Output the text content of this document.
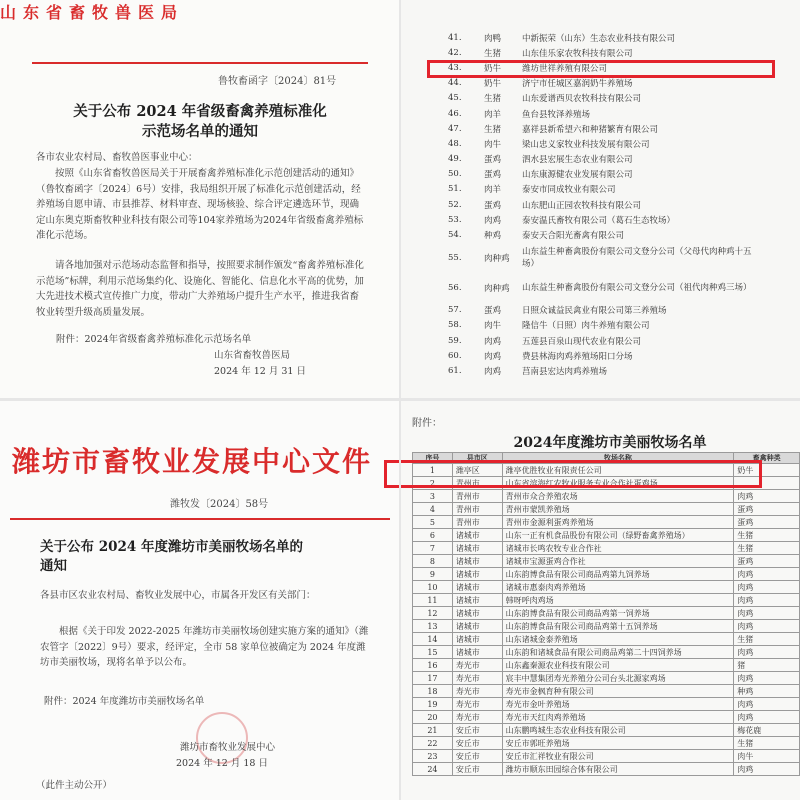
山东省畜牧兽医局
鲁牧畜函字〔2024〕81号
关于公布 2024 年省级畜禽养殖标准化
示范场名单的通知
各市农业农村局、畜牧兽医事业中心：
按照《山东省畜牧兽医局关于开展畜禽养殖标准化示范创建活动的通知》（鲁牧畜函字〔2024〕6号）安排，我局组织开展了标准化示范创建活动，经养殖场自愿申请、市县推荐、材料审查、现场核验、综合评定遴选环节，现确定山东奥克斯畜牧种业科技有限公司等104家养殖场为2024年省级畜禽养殖标准化示范场。
请各地加强对示范场动态监督和指导，按照要求制作颁发“畜禽养殖标准化示范场”标牌，利用示范场集约化、设施化、智能化、信息化水平高的优势，加大先进技术模式宣传推广力度，带动广大养殖场户提升生产水平，推进我省畜牧业转型升级高质量发展。
附件：2024年省级畜禽养殖标准化示范场名单
山东省畜牧兽医局
2024 年 12 月 31 日
41.	肉鸭	中新振荣（山东）生态农业科技有限公司
42.	生猪	山东佳乐家农牧科技有限公司
43.	奶牛	潍坊世祥养殖有限公司
44.	奶牛	济宁市任城区嘉润奶牛养殖场
45.	生猪	山东爱谱西贝农牧科技有限公司
46.	肉羊	鱼台县牧泽养殖场
47.	生猪	嘉祥县新希望六和种猪繁育有限公司
48.	肉牛	梁山忠义家牧业科技发展有限公司
49.	蛋鸡	泗水县宏展生态农业有限公司
50.	蛋鸡	山东康源健农业发展有限公司
51.	肉羊	泰安市同成牧业有限公司
52.	蛋鸡	山东肥山正园农牧科技有限公司
53.	肉鸡	泰安温氏畜牧有限公司（葛石生态牧场）
54.	种鸡	泰安天合阳光畜禽有限公司
55.	肉种鸡	山东益生种畜禽股份有限公司文登分公司（父母代肉种鸡十五场）
56.	肉种鸡	山东益生种畜禽股份有限公司文登分公司（祖代肉种鸡三场）
57.	蛋鸡	日照众诚益民禽业有限公司第三养殖场
58.	肉牛	隆信牛（日照）肉牛养殖有限公司
59.	肉鸡	五莲县百泉山现代农业有限公司
60.	肉鸡	费县林海肉鸡养殖场阳口分场
61.	肉鸡	莒南县宏达肉鸡养殖场
潍坊市畜牧业发展中心文件
潍牧发〔2024〕58号
关于公布 2024 年度潍坊市美丽牧场名单的
通知
各县市区农业农村局、畜牧业发展中心，市属各开发区有关部门：
根据《关于印发 2022-2025 年潍坊市美丽牧场创建实施方案的通知》（潍农管字〔2022〕9号）要求，经评定，全市 58 家单位被确定为 2024 年度潍坊市美丽牧场，现将名单予以公布。
附件：2024 年度潍坊市美丽牧场名单
潍坊市畜牧业发展中心
2024 年 12 月 18 日
（此件主动公开）
附件：
2024年度潍坊市美丽牧场名单
序号	县市区	牧场名称	畜禽种类
1	潍亭区	潍亭优胜牧业有限责任公司	奶牛
2	青州市	山东省滨海红农牧业服务专业合作社蛋鸡场	
3	青州市	青州市众合养殖农场	肉鸡
4	青州市	青州市蒙凯养殖场	蛋鸡
5	青州市	青州市金源利蛋鸡养殖场	蛋鸡
6	诸城市	山东一正有机食品股份有限公司（绿野畜禽养殖场）	生猪
7	诸城市	诸城市长鸣农牧专业合作社	生猪
8	诸城市	诸城市宝源蛋鸡合作社	蛋鸡
9	诸城市	山东韵博食品有限公司商品鸡第九饲养场	肉鸡
10	诸城市	诸城市惠泰肉鸡养殖场	肉鸡
11	诸城市	韩呀呼肉鸡场	肉鸡
12	诸城市	山东韵博食品有限公司商品鸡第一饲养场	肉鸡
13	诸城市	山东韵博食品有限公司商品鸡第十五饲养场	肉鸡
14	诸城市	山东诸城金泰养殖场	生猪
15	诸城市	山东韵和诸城食品有限公司商品鸡第二十四饲养场	肉鸡
16	寿光市	山东鑫秦源农业科技有限公司	猪
17	寿光市	宸丰中慧集团寿光养殖分公司台头北源家鸡场	肉鸡
18	寿光市	寿光市金枫育种有限公司	种鸡
19	寿光市	寿光市金叶养殖场	肉鸡
20	寿光市	寿光市天红肉鸡养殖场	肉鸡
21	安丘市	山东鹏鸣城生态农业科技有限公司	梅花鹿
22	安丘市	安丘市郭旺养殖场	生猪
23	安丘市	安丘市汇祥牧业有限公司	肉牛
24	安丘市	潍坊市顺东田园综合体有限公司	肉鸡
